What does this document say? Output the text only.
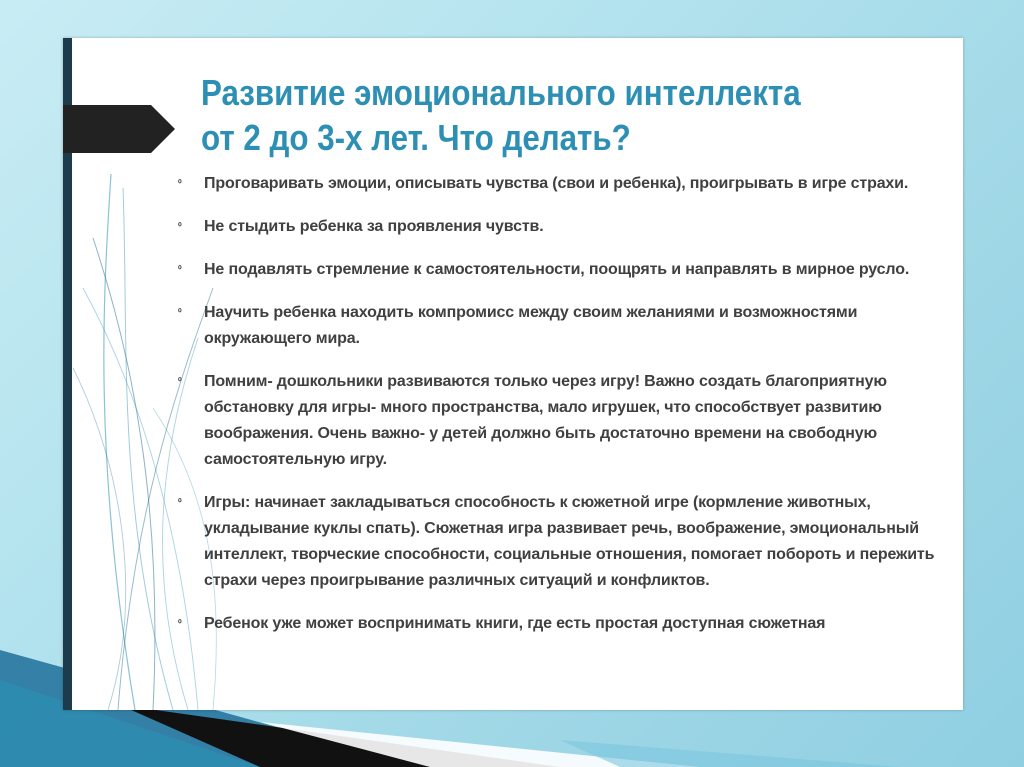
Развитие эмоционального интеллекта
от 2 до 3-х лет. Что делать?
⁰ Проговаривать эмоции, описывать чувства (свои и ребенка), проигрывать в игре страхи.
⁰ Не стыдить ребенка за проявления чувств.
⁰ Не подавлять стремление к самостоятельности, поощрять и направлять в мирное русло.
⁰ Научить ребенка находить компромисс между своим желаниями и возможностями окружающего мира.
⁰ Помним- дошкольники развиваются только через игру! Важно создать благоприятную обстановку для игры- много пространства, мало игрушек, что способствует развитию воображения. Очень важно- у детей должно быть достаточно времени на свободную самостоятельную игру.
⁰ Игры: начинает закладываться способность к сюжетной игре (кормление животных, укладывание куклы спать). Сюжетная игра развивает речь, воображение, эмоциональный интеллект, творческие способности, социальные отношения, помогает побороть и пережить страхи через проигрывание различных ситуаций и конфликтов.
⁰ Ребенок уже может воспринимать книги, где есть простая доступная сюжетная
